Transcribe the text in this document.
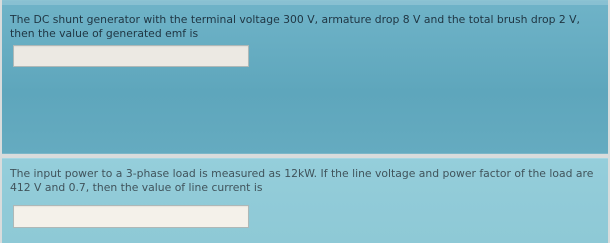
The DC shunt generator with the terminal voltage 300 V, armature drop 8 V and the total brush drop 2 V, then the value of generated emf is

The input power to a 3-phase load is measured as 12kW. If the line voltage and power factor of the load are 412 V and 0.7, then the value of line current is
